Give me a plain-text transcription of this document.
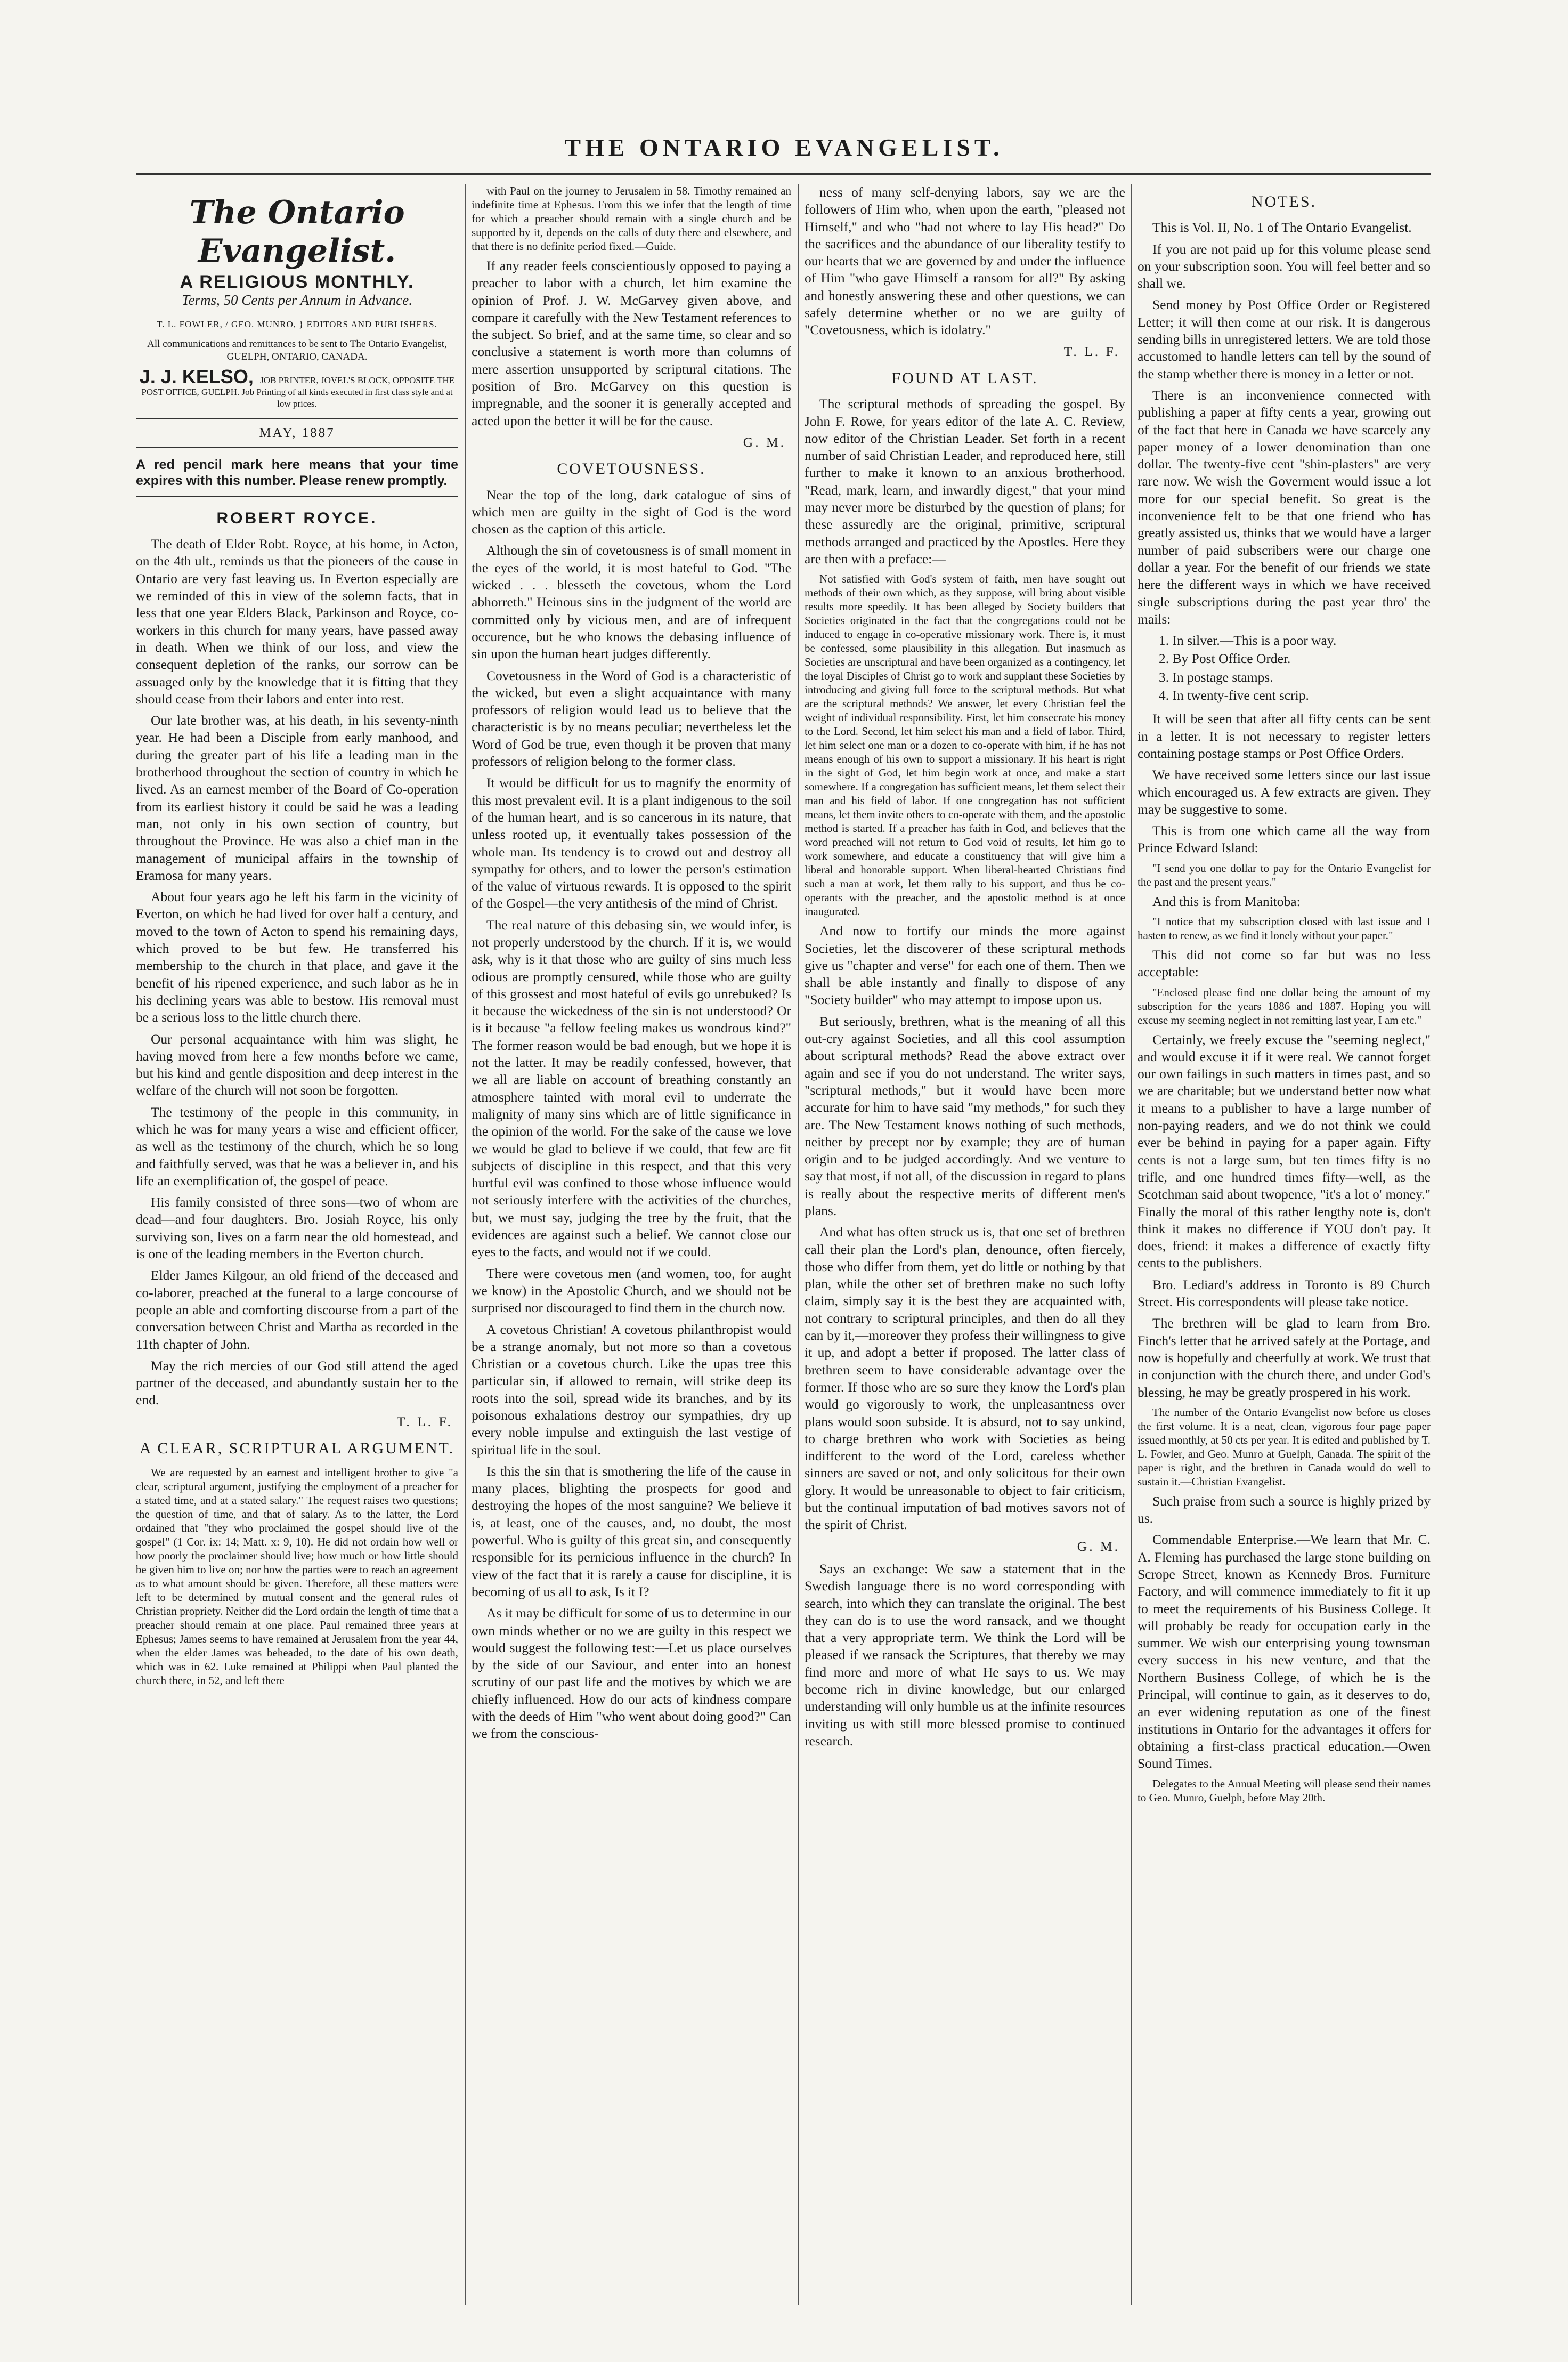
THE ONTARIO EVANGELIST.
The Ontario Evangelist.
A RELIGIOUS MONTHLY.
Terms, 50 Cents per Annum in Advance.
T. L. FOWLER, / GEO. MUNRO, } EDITORS AND PUBLISHERS.
All communications and remittances to be sent to The Ontario Evangelist, GUELPH, ONTARIO, CANADA.
J. J. KELSO, JOB PRINTER, JOVEL'S BLOCK, OPPOSITE THE POST OFFICE, GUELPH. Job Printing of all kinds executed in first class style and at low prices.
MAY, 1887
A red pencil mark here means that your time expires with this number. Please renew promptly.
ROBERT ROYCE.

The death of Elder Robt. Royce, at his home, in Acton, on the 4th ult., reminds us that the pioneers of the cause in Ontario are very fast leaving us. In Everton especially are we reminded of this in view of the solemn facts, that in less that one year Elders Black, Parkinson and Royce, co-workers in this church for many years, have passed away in death. When we think of our loss, and view the consequent depletion of the ranks, our sorrow can be assuaged only by the knowledge that it is fitting that they should cease from their labors and enter into rest.

Our late brother was, at his death, in his seventy-ninth year. He had been a Disciple from early manhood, and during the greater part of his life a leading man in the brotherhood throughout the section of country in which he lived. As an earnest member of the Board of Co-operation from its earliest history it could be said he was a leading man, not only in his own section of country, but throughout the Province. He was also a chief man in the management of municipal affairs in the township of Eramosa for many years.

About four years ago he left his farm in the vicinity of Everton, on which he had lived for over half a century, and moved to the town of Acton to spend his remaining days, which proved to be but few. He transferred his membership to the church in that place, and gave it the benefit of his ripened experience, and such labor as he in his declining years was able to bestow. His removal must be a serious loss to the little church there.

Our personal acquaintance with him was slight, he having moved from here a few months before we came, but his kind and gentle disposition and deep interest in the welfare of the church will not soon be forgotten.

The testimony of the people in this community, in which he was for many years a wise and efficient officer, as well as the testimony of the church, which he so long and faithfully served, was that he was a believer in, and his life an exemplification of, the gospel of peace.

His family consisted of three sons—two of whom are dead—and four daughters. Bro. Josiah Royce, his only surviving son, lives on a farm near the old homestead, and is one of the leading members in the Everton church.

Elder James Kilgour, an old friend of the deceased and co-laborer, preached at the funeral to a large concourse of people an able and comforting discourse from a part of the conversation between Christ and Martha as recorded in the 11th chapter of John.

May the rich mercies of our God still attend the aged partner of the deceased, and abundantly sustain her to the end.

T. L. F.
A CLEAR, SCRIPTURAL ARGUMENT.

We are requested by an earnest and intelligent brother to give "a clear, scriptural argument, justifying the employment of a preacher for a stated time, and at a stated salary." The request raises two questions; the question of time, and that of salary. As to the latter, the Lord ordained that "they who proclaimed the gospel should live of the gospel" (1 Cor. ix: 14; Matt. x: 9, 10). He did not ordain how well or how poorly the proclaimer should live; how much or how little should be given him to live on; nor how the parties were to reach an agreement as to what amount should be given. Therefore, all these matters were left to be determined by mutual consent and the general rules of Christian propriety. Neither did the Lord ordain the length of time that a preacher should remain at one place. Paul remained three years at Ephesus; James seems to have remained at Jerusalem from the year 44, when the elder James was beheaded, to the date of his own death, which was in 62. Luke remained at Philippi when Paul planted the church there, in 52, and left there

with Paul on the journey to Jerusalem in 58. Timothy remained an indefinite time at Ephesus. From this we infer that the length of time for which a preacher should remain with a single church and be supported by it, depends on the calls of duty there and elsewhere, and that there is no definite period fixed.—Guide.

If any reader feels conscientiously opposed to paying a preacher to labor with a church, let him examine the opinion of Prof. J. W. McGarvey given above, and compare it carefully with the New Testament references to the subject. So brief, and at the same time, so clear and so conclusive a statement is worth more than columns of mere assertion unsupported by scriptural citations. The position of Bro. McGarvey on this question is impregnable, and the sooner it is generally accepted and acted upon the better it will be for the cause.

G. M.
COVETOUSNESS.

Near the top of the long, dark catalogue of sins of which men are guilty in the sight of God is the word chosen as the caption of this article.

Although the sin of covetousness is of small moment in the eyes of the world, it is most hateful to God. "The wicked . . . blesseth the covetous, whom the Lord abhorreth." Heinous sins in the judgment of the world are committed only by vicious men, and are of infrequent occurence, but he who knows the debasing influence of sin upon the human heart judges differently.

Covetousness in the Word of God is a characteristic of the wicked, but even a slight acquaintance with many professors of religion would lead us to believe that the characteristic is by no means peculiar; nevertheless let the Word of God be true, even though it be proven that many professors of religion belong to the former class.

It would be difficult for us to magnify the enormity of this most prevalent evil. It is a plant indigenous to the soil of the human heart, and is so cancerous in its nature, that unless rooted up, it eventually takes possession of the whole man. Its tendency is to crowd out and destroy all sympathy for others, and to lower the person's estimation of the value of virtuous rewards. It is opposed to the spirit of the Gospel—the very antithesis of the mind of Christ.

The real nature of this debasing sin, we would infer, is not properly understood by the church. If it is, we would ask, why is it that those who are guilty of sins much less odious are promptly censured, while those who are guilty of this grossest and most hateful of evils go unrebuked? Is it because the wickedness of the sin is not understood? Or is it because "a fellow feeling makes us wondrous kind?" The former reason would be bad enough, but we hope it is not the latter. It may be readily confessed, however, that we all are liable on account of breathing constantly an atmosphere tainted with moral evil to underrate the malignity of many sins which are of little significance in the opinion of the world. For the sake of the cause we love we would be glad to believe if we could, that few are fit subjects of discipline in this respect, and that this very hurtful evil was confined to those whose influence would not seriously interfere with the activities of the churches, but, we must say, judging the tree by the fruit, that the evidences are against such a belief. We cannot close our eyes to the facts, and would not if we could.

There were covetous men (and women, too, for aught we know) in the Apostolic Church, and we should not be surprised nor discouraged to find them in the church now.

A covetous Christian! A covetous philanthropist would be a strange anomaly, but not more so than a covetous Christian or a covetous church. Like the upas tree this particular sin, if allowed to remain, will strike deep its roots into the soil, spread wide its branches, and by its poisonous exhalations destroy our sympathies, dry up every noble impulse and extinguish the last vestige of spiritual life in the soul.

Is this the sin that is smothering the life of the cause in many places, blighting the prospects for good and destroying the hopes of the most sanguine? We believe it is, at least, one of the causes, and, no doubt, the most powerful. Who is guilty of this great sin, and consequently responsible for its pernicious influence in the church? In view of the fact that it is rarely a cause for discipline, it is becoming of us all to ask, Is it I?

As it may be difficult for some of us to determine in our own minds whether or no we are guilty in this respect we would suggest the following test:—Let us place ourselves by the side of our Saviour, and enter into an honest scrutiny of our past life and the motives by which we are chiefly influenced. How do our acts of kindness compare with the deeds of Him "who went about doing good?" Can we from the conscious-

ness of many self-denying labors, say we are the followers of Him who, when upon the earth, "pleased not Himself," and who "had not where to lay His head?" Do the sacrifices and the abundance of our liberality testify to our hearts that we are governed by and under the influence of Him "who gave Himself a ransom for all?" By asking and honestly answering these and other questions, we can safely determine whether or no we are guilty of "Covetousness, which is idolatry."

T. L. F.
FOUND AT LAST.

The scriptural methods of spreading the gospel. By John F. Rowe, for years editor of the late A. C. Review, now editor of the Christian Leader. Set forth in a recent number of said Christian Leader, and reproduced here, still further to make it known to an anxious brotherhood. "Read, mark, learn, and inwardly digest," that your mind may never more be disturbed by the question of plans; for these assuredly are the original, primitive, scriptural methods arranged and practiced by the Apostles. Here they are then with a preface:—

Not satisfied with God's system of faith, men have sought out methods of their own which, as they suppose, will bring about visible results more speedily. It has been alleged by Society builders that Societies originated in the fact that the congregations could not be induced to engage in co-operative missionary work. There is, it must be confessed, some plausibility in this allegation. But inasmuch as Societies are unscriptural and have been organized as a contingency, let the loyal Disciples of Christ go to work and supplant these Societies by introducing and giving full force to the scriptural methods. But what are the scriptural methods? We answer, let every Christian feel the weight of individual responsibility. First, let him consecrate his money to the Lord. Second, let him select his man and a field of labor. Third, let him select one man or a dozen to co-operate with him, if he has not means enough of his own to support a missionary. If his heart is right in the sight of God, let him begin work at once, and make a start somewhere. If a congregation has sufficient means, let them select their man and his field of labor. If one congregation has not sufficient means, let them invite others to co-operate with them, and the apostolic method is started. If a preacher has faith in God, and believes that the word preached will not return to God void of results, let him go to work somewhere, and educate a constituency that will give him a liberal and honorable support. When liberal-hearted Christians find such a man at work, let them rally to his support, and thus be co-operants with the preacher, and the apostolic method is at once inaugurated.

And now to fortify our minds the more against Societies, let the discoverer of these scriptural methods give us "chapter and verse" for each one of them. Then we shall be able instantly and finally to dispose of any "Society builder" who may attempt to impose upon us.

But seriously, brethren, what is the meaning of all this out-cry against Societies, and all this cool assumption about scriptural methods? Read the above extract over again and see if you do not understand. The writer says, "scriptural methods," but it would have been more accurate for him to have said "my methods," for such they are. The New Testament knows nothing of such methods, neither by precept nor by example; they are of human origin and to be judged accordingly. And we venture to say that most, if not all, of the discussion in regard to plans is really about the respective merits of different men's plans.

And what has often struck us is, that one set of brethren call their plan the Lord's plan, denounce, often fiercely, those who differ from them, yet do little or nothing by that plan, while the other set of brethren make no such lofty claim, simply say it is the best they are acquainted with, not contrary to scriptural principles, and then do all they can by it,—moreover they profess their willingness to give it up, and adopt a better if proposed. The latter class of brethren seem to have considerable advantage over the former. If those who are so sure they know the Lord's plan would go vigorously to work, the unpleasantness over plans would soon subside. It is absurd, not to say unkind, to charge brethren who work with Societies as being indifferent to the word of the Lord, careless whether sinners are saved or not, and only solicitous for their own glory. It would be unreasonable to object to fair criticism, but the continual imputation of bad motives savors not of the spirit of Christ.

G. M.

Says an exchange: We saw a statement that in the Swedish language there is no word corresponding with search, into which they can translate the original. The best they can do is to use the word ransack, and we thought that a very appropriate term. We think the Lord will be pleased if we ransack the Scriptures, that thereby we may find more and more of what He says to us. We may become rich in divine knowledge, but our enlarged understanding will only humble us at the infinite resources inviting us with still more blessed promise to continued research.

NOTES.

This is Vol. II, No. 1 of The Ontario Evangelist.

If you are not paid up for this volume please send on your subscription soon. You will feel better and so shall we.

Send money by Post Office Order or Registered Letter; it will then come at our risk. It is dangerous sending bills in unregistered letters. We are told those accustomed to handle letters can tell by the sound of the stamp whether there is money in a letter or not.

There is an inconvenience connected with publishing a paper at fifty cents a year, growing out of the fact that here in Canada we have scarcely any paper money of a lower denomination than one dollar. The twenty-five cent "shin-plasters" are very rare now. We wish the Goverment would issue a lot more for our special benefit. So great is the inconvenience felt to be that one friend who has greatly assisted us, thinks that we would have a larger number of paid subscribers were our charge one dollar a year. For the benefit of our friends we state here the different ways in which we have received single subscriptions during the past year thro' the mails:

1. In silver.—This is a poor way.
2. By Post Office Order.
3. In postage stamps.
4. In twenty-five cent scrip.

It will be seen that after all fifty cents can be sent in a letter. It is not necessary to register letters containing postage stamps or Post Office Orders.

We have received some letters since our last issue which encouraged us. A few extracts are given. They may be suggestive to some.

This is from one which came all the way from Prince Edward Island:

"I send you one dollar to pay for the Ontario Evangelist for the past and the present years."

And this is from Manitoba:

"I notice that my subscription closed with last issue and I hasten to renew, as we find it lonely without your paper."

This did not come so far but was no less acceptable:

"Enclosed please find one dollar being the amount of my subscription for the years 1886 and 1887. Hoping you will excuse my seeming neglect in not remitting last year, I am etc."

Certainly, we freely excuse the "seeming neglect," and would excuse it if it were real. We cannot forget our own failings in such matters in times past, and so we are charitable; but we understand better now what it means to a publisher to have a large number of non-paying readers, and we do not think we could ever be behind in paying for a paper again. Fifty cents is not a large sum, but ten times fifty is no trifle, and one hundred times fifty—well, as the Scotchman said about twopence, "it's a lot o' money." Finally the moral of this rather lengthy note is, don't think it makes no difference if YOU don't pay. It does, friend: it makes a difference of exactly fifty cents to the publishers.

Bro. Lediard's address in Toronto is 89 Church Street. His correspondents will please take notice.

The brethren will be glad to learn from Bro. Finch's letter that he arrived safely at the Portage, and now is hopefully and cheerfully at work. We trust that in conjunction with the church there, and under God's blessing, he may be greatly prospered in his work.

The number of the Ontario Evangelist now before us closes the first volume. It is a neat, clean, vigorous four page paper issued monthly, at 50 cts per year. It is edited and published by T. L. Fowler, and Geo. Munro at Guelph, Canada. The spirit of the paper is right, and the brethren in Canada would do well to sustain it.—Christian Evangelist.

Such praise from such a source is highly prized by us.

Commendable Enterprise.—We learn that Mr. C. A. Fleming has purchased the large stone building on Scrope Street, known as Kennedy Bros. Furniture Factory, and will commence immediately to fit it up to meet the requirements of his Business College. It will probably be ready for occupation early in the summer. We wish our enterprising young townsman every success in his new venture, and that the Northern Business College, of which he is the Principal, will continue to gain, as it deserves to do, an ever widening reputation as one of the finest institutions in Ontario for the advantages it offers for obtaining a first-class practical education.—Owen Sound Times.

Delegates to the Annual Meeting will please send their names to Geo. Munro, Guelph, before May 20th.
